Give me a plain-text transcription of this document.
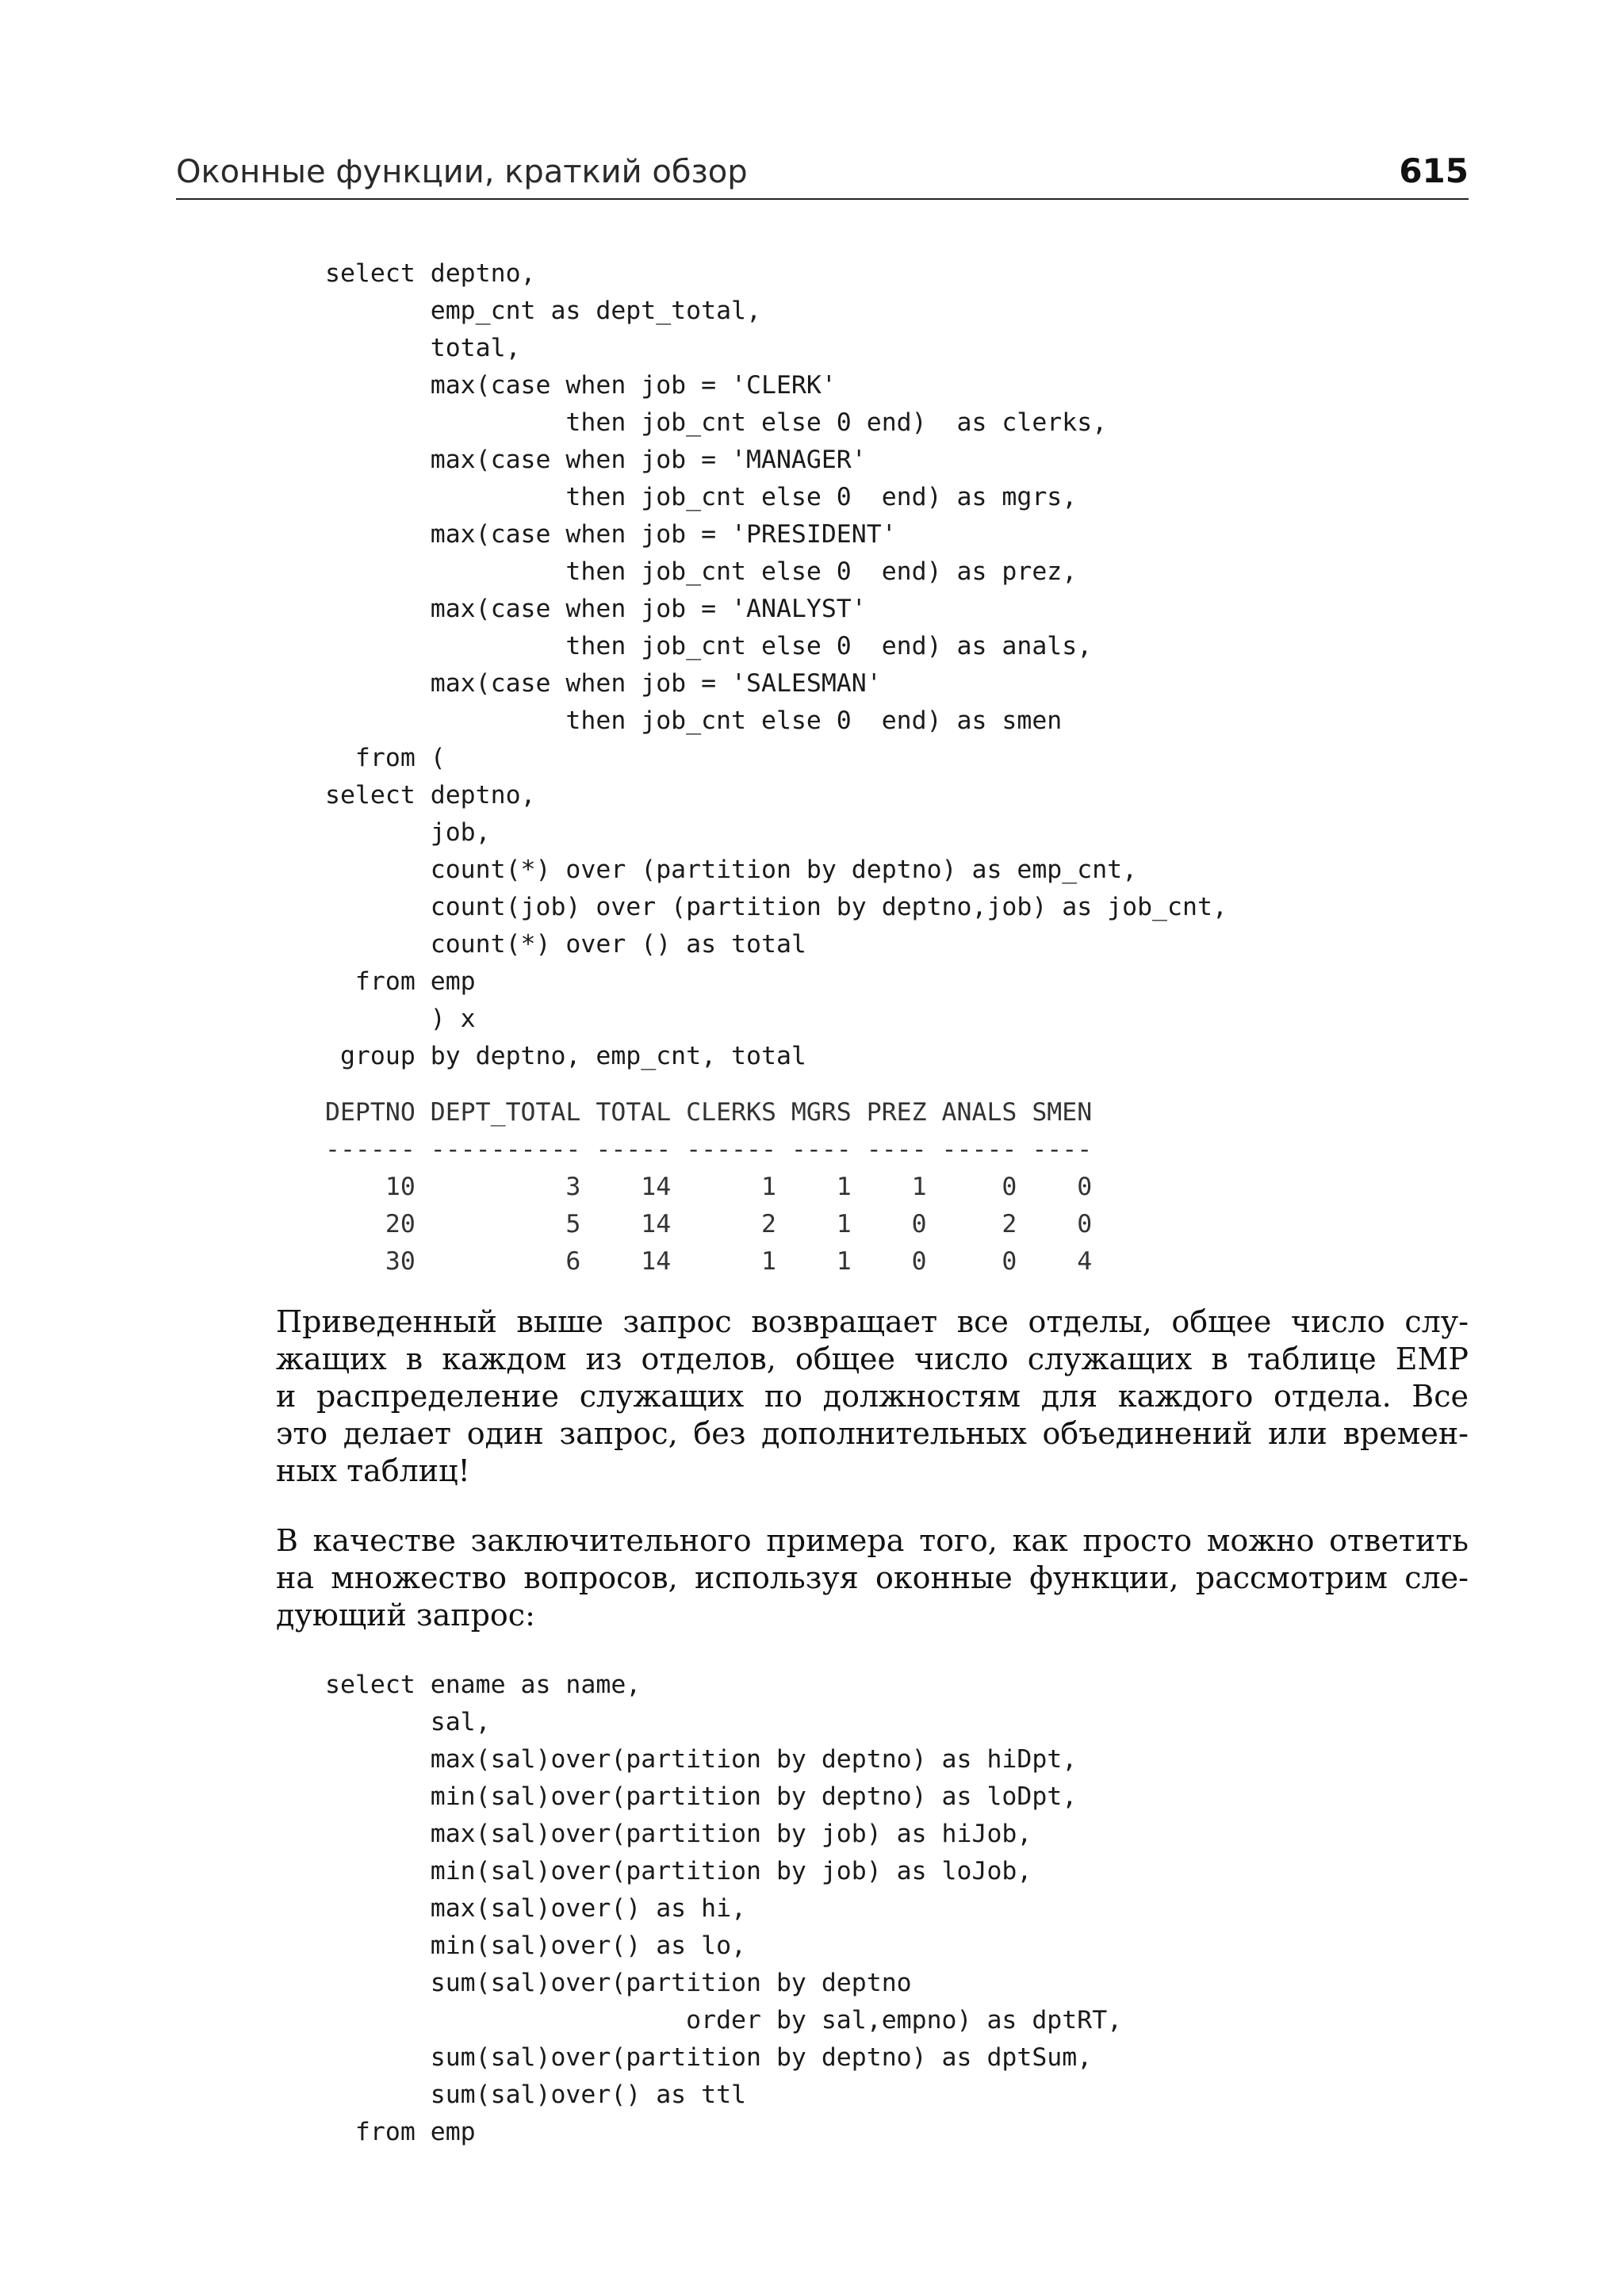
Оконные функции, краткий обзор	615
select deptno,
emp_cnt as dept_total,
total,
max(case when job = 'CLERK'
then job_cnt else 0 end)  as clerks,
max(case when job = 'MANAGER'
then job_cnt else 0  end) as mgrs,
max(case when job = 'PRESIDENT'
then job_cnt else 0  end) as prez,
max(case when job = 'ANALYST'
then job_cnt else 0  end) as anals,
max(case when job = 'SALESMAN'
then job_cnt else 0  end) as smen
from (
select deptno,
job,
count(*) over (partition by deptno) as emp_cnt,
count(job) over (partition by deptno,job) as job_cnt,
count(*) over () as total
from emp
) x
group by deptno, emp_cnt, total
DEPTNO DEPT_TOTAL TOTAL CLERKS MGRS PREZ ANALS SMEN
------ ---------- ----- ------ ---- ---- ----- ----
10          3    14      1    1    1     0    0
20          5    14      2    1    0     2    0
30          6    14      1    1    0     0    4
Приведенный выше запрос возвращает все отделы, общее число слу-
жащих в каждом из отделов, общее число служащих в таблице EMP
и распределение служащих по должностям для каждого отдела. Все
это делает один запрос, без дополнительных объединений или времен-
ных таблиц!
В качестве заключительного примера того, как просто можно ответить
на множество вопросов, используя оконные функции, рассмотрим сле-
дующий запрос:
select ename as name,
sal,
max(sal)over(partition by deptno) as hiDpt,
min(sal)over(partition by deptno) as loDpt,
max(sal)over(partition by job) as hiJob,
min(sal)over(partition by job) as loJob,
max(sal)over() as hi,
min(sal)over() as lo,
sum(sal)over(partition by deptno
order by sal,empno) as dptRT,
sum(sal)over(partition by deptno) as dptSum,
sum(sal)over() as ttl
from emp
